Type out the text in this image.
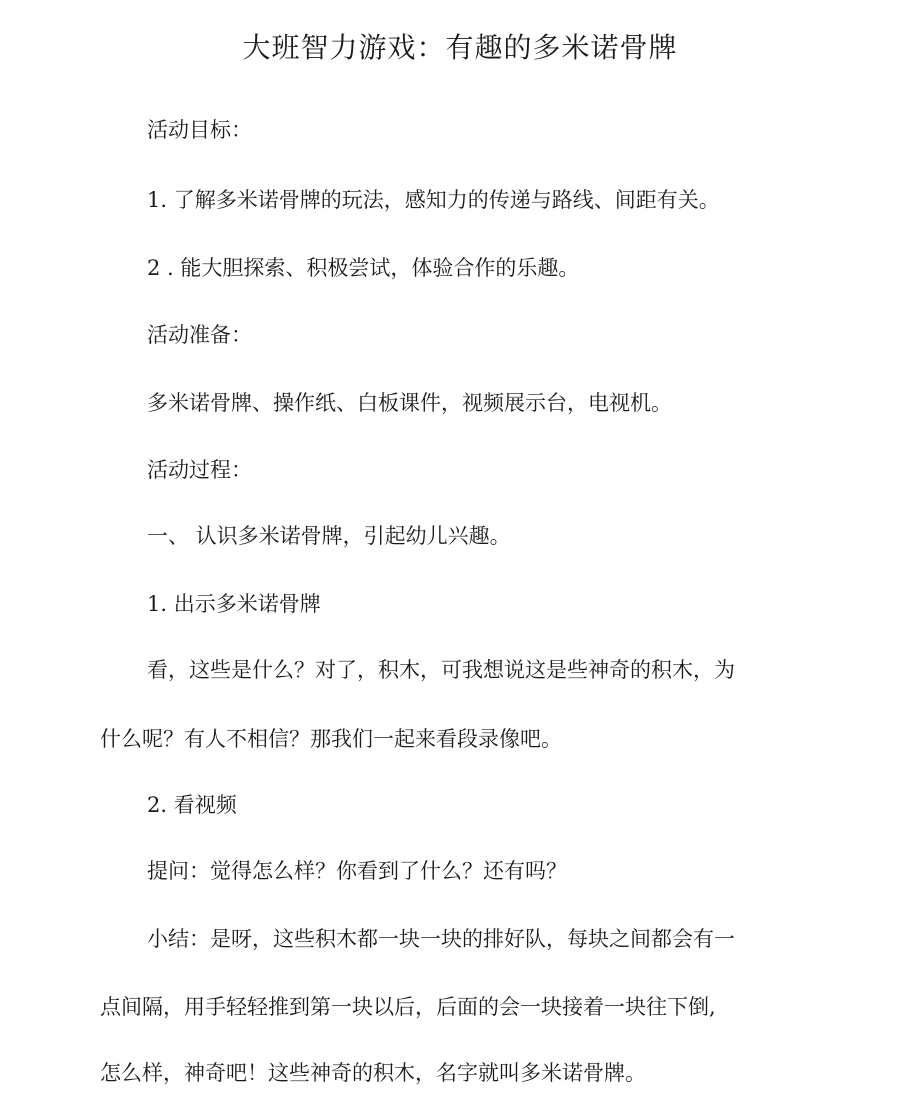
大班智力游戏：有趣的多米诺骨牌
活动目标：
1. 了解多米诺骨牌的玩法，感知力的传递与路线、间距有关。
2 . 能大胆探索、积极尝试，体验合作的乐趣。
活动准备：
多米诺骨牌、操作纸、白板课件，视频展示台，电视机。
活动过程：
一、 认识多米诺骨牌，引起幼儿兴趣。
1. 出示多米诺骨牌
看，这些是什么？对了，积木，可我想说这是些神奇的积木，为
什么呢？有人不相信？那我们一起来看段录像吧。
2. 看视频
提问：觉得怎么样？你看到了什么？还有吗？
小结：是呀，这些积木都一块一块的排好队，每块之间都会有一
点间隔，用手轻轻推到第一块以后，后面的会一块接着一块往下倒,
怎么样，神奇吧！这些神奇的积木，名字就叫多米诺骨牌。
